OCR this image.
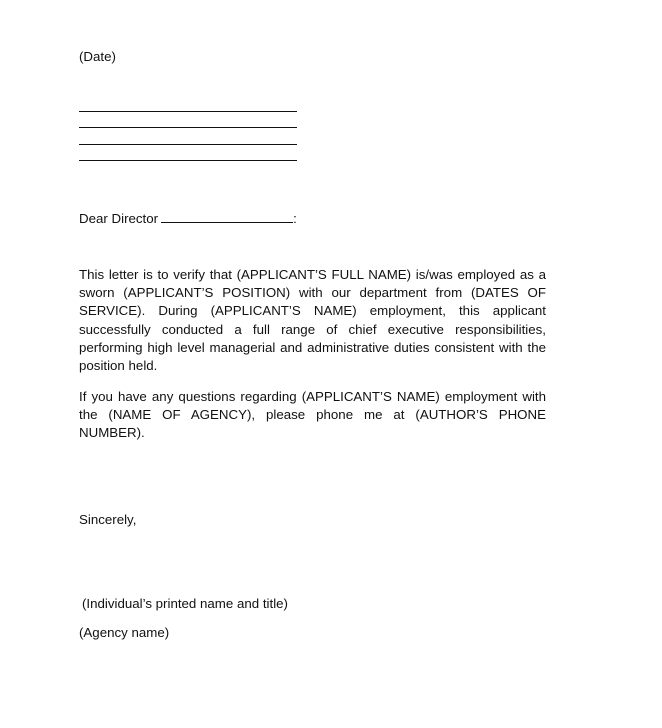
(Date)
Dear Director	:
This letter is to verify that (APPLICANT’S FULL NAME) is/was employed as a sworn (APPLICANT’S POSITION) with our department from (DATES OF SERVICE). During (APPLICANT’S NAME) employment, this applicant successfully conducted a full range of chief executive responsibilities, performing high level managerial and administrative duties consistent with the position held.
If you have any questions regarding (APPLICANT’S NAME) employment with the (NAME OF AGENCY), please phone me at (AUTHOR’S PHONE NUMBER).
Sincerely,
(Individual’s printed name and title)
(Agency name)
